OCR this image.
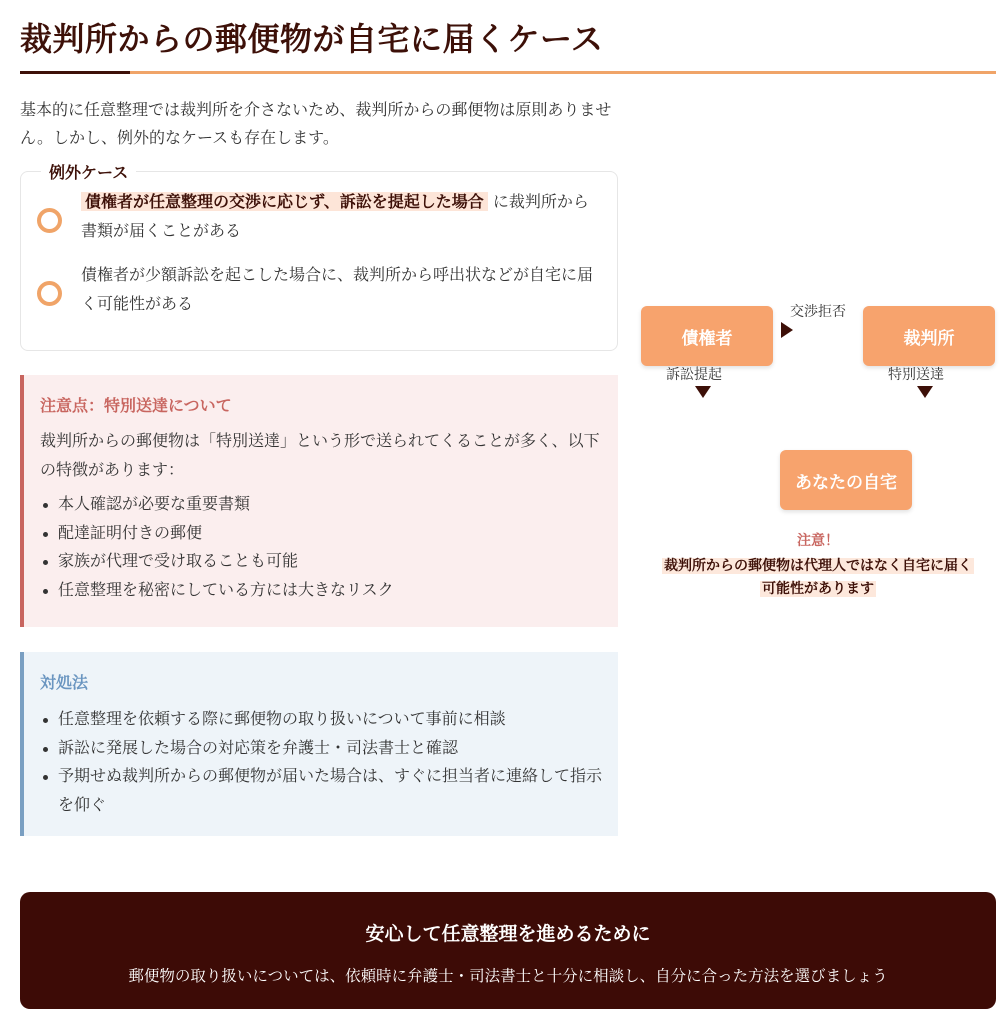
裁判所からの郵便物が自宅に届くケース

基本的に任意整理では裁判所を介さないため、裁判所からの郵便物は原則ありません。しかし、例外的なケースも存在します。

例外ケース
債権者が任意整理の交渉に応じず、訴訟を提起した場合 に裁判所から書類が届くことがある
債権者が少額訴訟を起こした場合に、裁判所から呼出状などが自宅に届く可能性がある

注意点：特別送達について

裁判所からの郵便物は「特別送達」という形で送られてくることが多く、以下の特徴があります：

本人確認が必要な重要書類
配達証明付きの郵便
家族が代理で受け取ることも可能
任意整理を秘密にしている方には大きなリスク

対処法

任意整理を依頼する際に郵便物の取り扱いについて事前に相談
訴訟に発展した場合の対応策を弁護士・司法書士と確認
予期せぬ裁判所からの郵便物が届いた場合は、すぐに担当者に連絡して指示を仰ぐ
債権者	裁判所
交渉拒否
訴訟提起	特別送達
あなたの自宅
注意！
裁判所からの郵便物は代理人ではなく自宅に届く
可能性があります
安心して任意整理を進めるために
郵便物の取り扱いについては、依頼時に弁護士・司法書士と十分に相談し、自分に合った方法を選びましょう
